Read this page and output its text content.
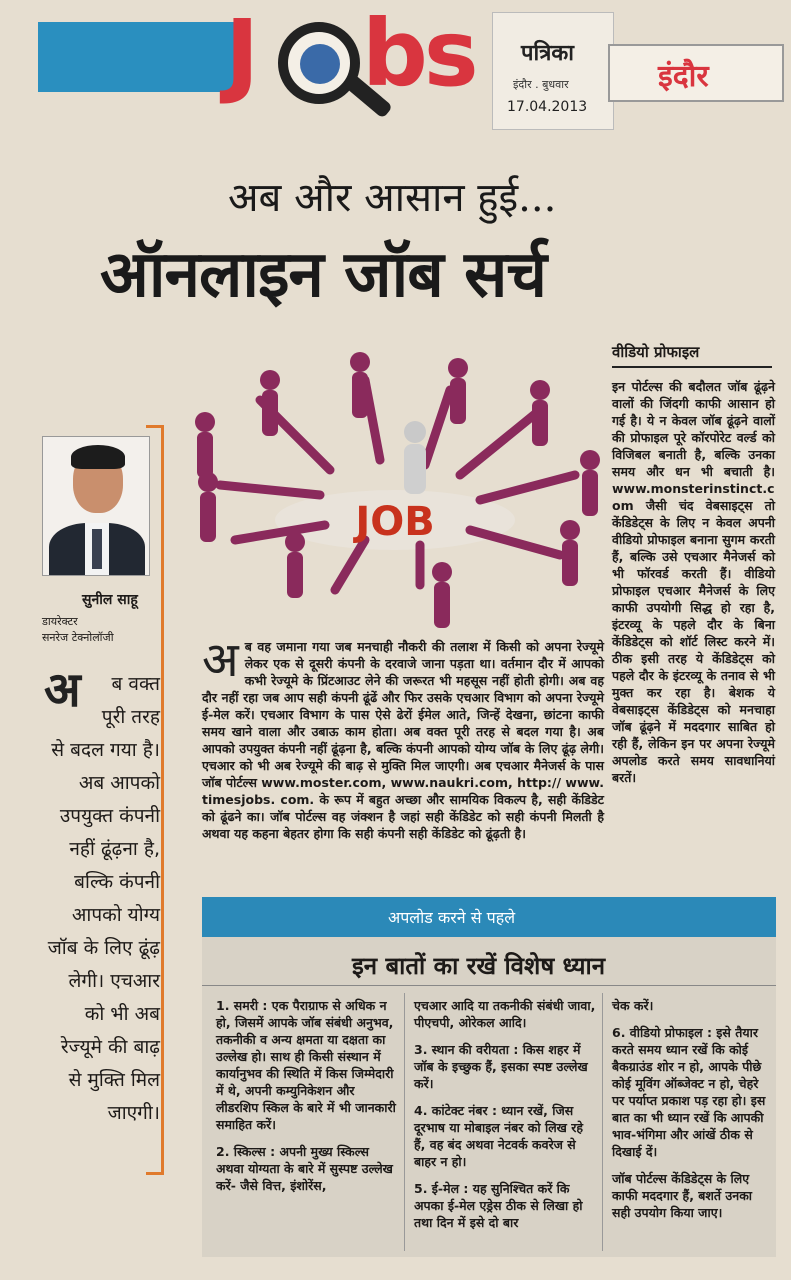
J bs पत्रिका
इंदौर . बुधवार
17.04.2013
इंदौर
अब और आसान हुई...
ऑनलाइन जॉब सर्च
JOB
सुनील साहू
डायरेक्टर
सनरेज टेक्नोलॉजी
अ ब वक्त पूरी तरह से बदल गया है। अब आपको उपयुक्त कंपनी नहीं ढूंढ़ना है, बल्कि कंपनी आपको योग्य जॉब के लिए ढूंढ़ लेगी। एचआर को भी अब रेज्यूमे की बाढ़ से मुक्ति मिल जाएगी।
अब वह जमाना गया जब मनचाही नौकरी की तलाश में किसी को अपना रेज्यूमे लेकर एक से दूसरी कंपनी के दरवाजे जाना पड़ता था। वर्तमान दौर में आपको कभी रेज्यूमे के प्रिंटआउट लेने की जरूरत भी महसूस नहीं होती होगी। अब वह दौर नहीं रहा जब आप सही कंपनी ढूंढें और फिर उसके एचआर विभाग को अपना रेज्यूमे ई-मेल करें। एचआर विभाग के पास ऐसे ढेरों ईमेल आते, जिन्हें देखना, छांटना काफी समय खाने वाला और उबाऊ काम होता। अब वक्त पूरी तरह से बदल गया है। अब आपको उपयुक्त कंपनी नहीं ढूंढ़ना है, बल्कि कंपनी आपको योग्य जॉब के लिए ढूंढ़ लेगी। एचआर को भी अब रेज्यूमे की बाढ़ से मुक्ति मिल जाएगी। अब एचआर मैनेजर्स के पास जॉब पोर्टल्स www.moster.com, www.naukri.com, http:// www. timesjobs. com. के रूप में बहुत अच्छा और सामयिक विकल्प है, सही केंडिडेट को ढूंढने का। जॉब पोर्टल्स वह जंक्शन है जहां सही केंडिडेट को सही कंपनी मिलती है अथवा यह कहना बेहतर होगा कि सही कंपनी सही केंडिडेट को ढूंढ़ती है।
वीडियो प्रोफाइल
इन पोर्टल्स की बदौलत जॉब ढूंढ़ने वालों की जिंदगी काफी आसान हो गई है। ये न केवल जॉब ढूंढ़ने वालों की प्रोफाइल पूरे कॉरपोरेट वर्ल्ड को विजिबल बनाती है, बल्कि उनका समय और धन भी बचाती है। www.monsterinstinct.c om जैसी चंद वेबसाइट्स तो केंडिडेट्स के लिए न केवल अपनी वीडियो प्रोफाइल बनाना सुगम करती हैं, बल्कि उसे एचआर मैनेजर्स को भी फॉरवर्ड करती हैं। वीडियो प्रोफाइल एचआर मैनेजर्स के लिए काफी उपयोगी सिद्ध हो रहा है, इंटरव्यू के पहले दौर के बिना केंडिडेट्स को शॉर्ट लिस्ट करने में। ठीक इसी तरह ये केंडिडेट्स को पहले दौर के इंटरव्यू के तनाव से भी मुक्त कर रहा है। बेशक ये वेबसाइट्स केंडिडेट्स को मनचाहा जॉब ढूंढ़ने में मददगार साबित हो रही हैं, लेकिन इन पर अपना रेज्यूमे अपलोड करते समय सावधानियां बरतें।
अपलोड करने से पहले
इन बातों का रखें विशेष ध्यान

1. समरी : एक पैराग्राफ से अधिक न हो, जिसमें आपके जॉब संबंधी अनुभव, तकनीकी व अन्य क्षमता या दक्षता का उल्लेख हो। साथ ही किसी संस्थान में कार्यानुभव की स्थिति में किस जिम्मेदारी में थे, अपनी कम्युनिकेशन और लीडरशिप स्किल के बारे में भी जानकारी समाहित करें।

2. स्किल्स : अपनी मुख्य स्किल्स अथवा योग्यता के बारे में सुस्पष्ट उल्लेख करें- जैसे वित्त, इंशोरेंस,

एचआर आदि या तकनीकी संबंधी जावा, पीएचपी, ओरेकल आदि।

3. स्थान की वरीयता : किस शहर में जॉब के इच्छुक हैं, इसका स्पष्ट उल्लेख करें।

4. कांटेक्ट नंबर : ध्यान रखें, जिस दूरभाष या मोबाइल नंबर को लिख रहे हैं, वह बंद अथवा नेटवर्क कवरेज से बाहर न हो।

5. ई-मेल : यह सुनिश्चित करें कि अपका ई-मेल एड्रेस ठीक से लिखा हो तथा दिन में इसे दो बार

चेक करें।

6. वीडियो प्रोफाइल : इसे तैयार करते समय ध्यान रखें कि कोई बैकग्राउंड शोर न हो, आपके पीछे कोई मूविंग ऑब्जेक्ट न हो, चेहरे पर पर्याप्त प्रकाश पड़ रहा हो। इस बात का भी ध्यान रखें कि आपकी भाव-भंगिमा और आंखें ठीक से दिखाई दें।

जॉब पोर्टल्स केंडिडेट्स के लिए काफी मददगार हैं, बशर्ते उनका सही उपयोग किया जाए।
